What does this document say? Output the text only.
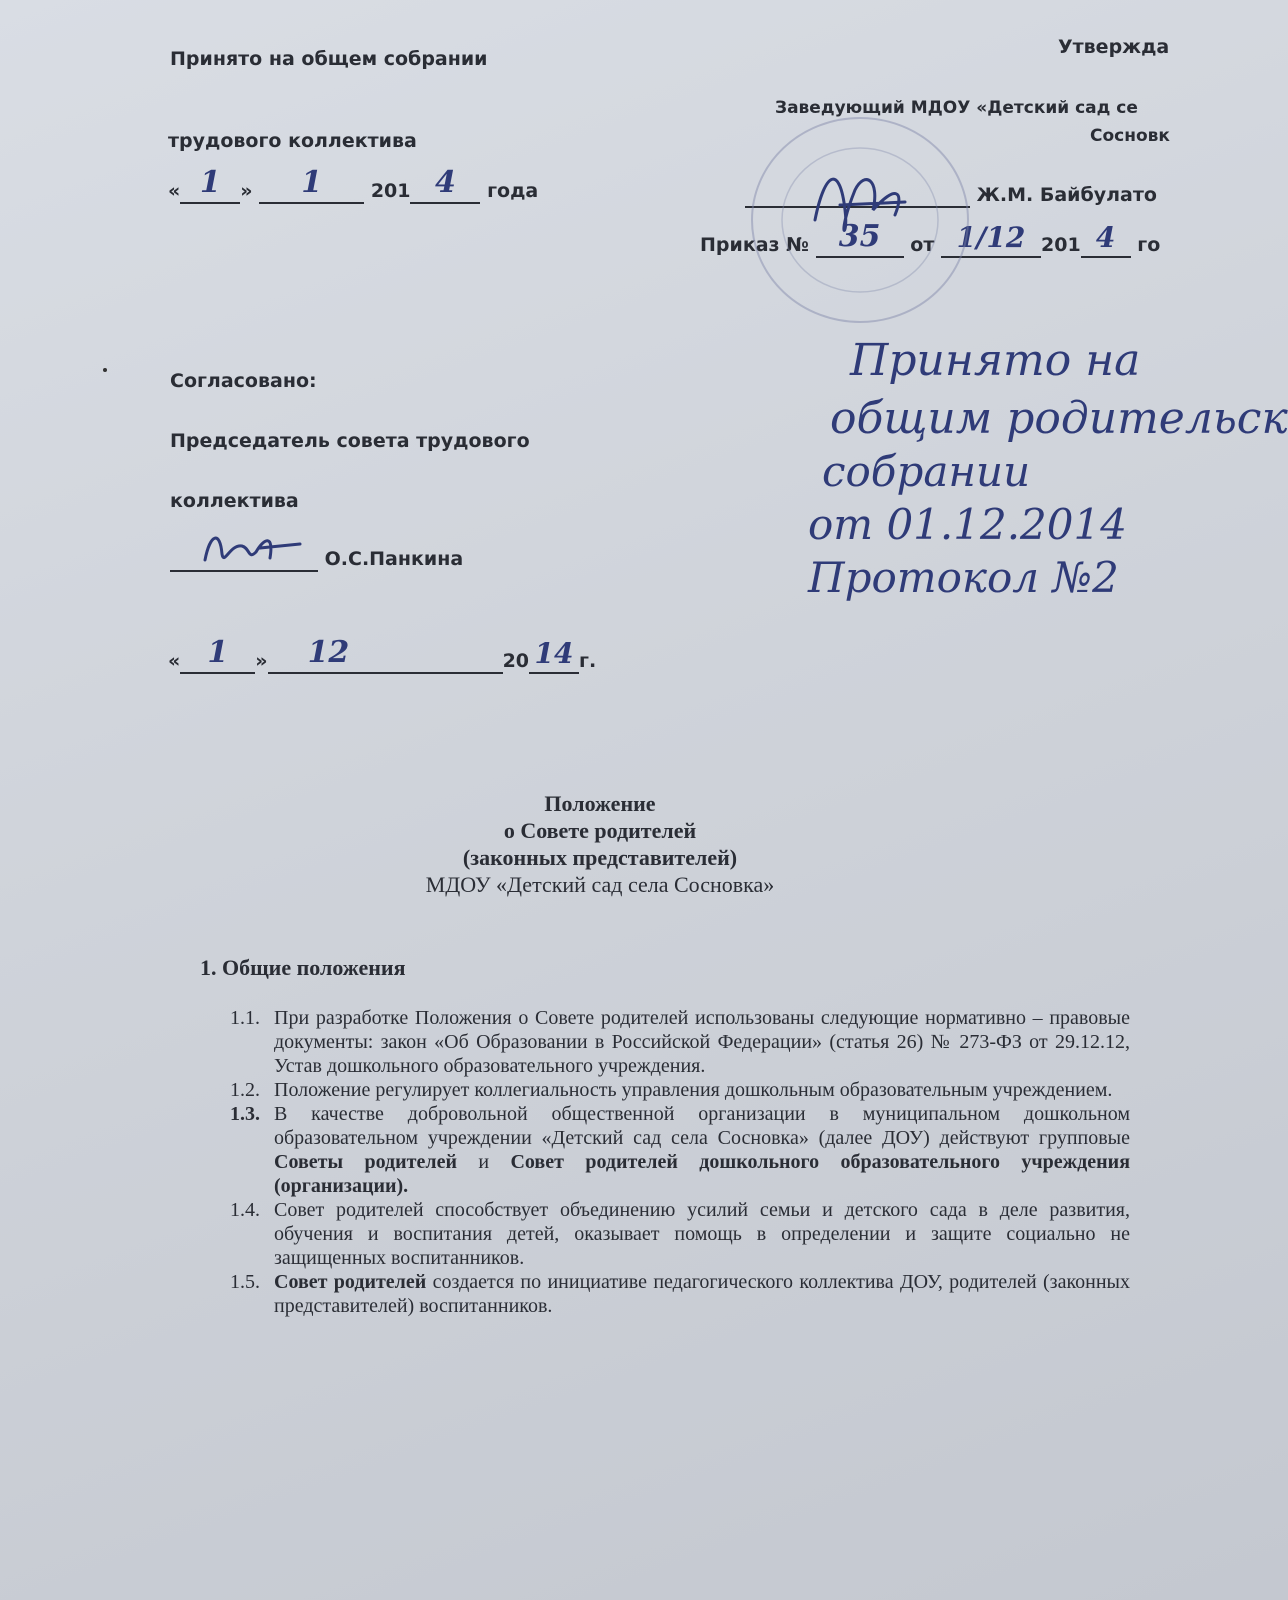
Принято на общем собрании
трудового коллектива
« 1	»	1	201 4	года
Утвержда
Заведующий МДОУ «Детский сад се
Сосновк
Ж.М. Байбулато
Приказ № 35	от 1/12 201 4	го
Согласовано:
Председатель совета трудового
коллектива
О.С.Панкина
« 1	»	12	20 14 г.
Принято на
общим родительск
собрании
от 01.12.2014
Протокол №2
Положение
о Совете родителей
(законных представителей)
МДОУ «Детский сад села Сосновка»
1. Общие положения
1.1. При разработке Положения о Совете родителей использованы следующие нормативно – правовые документы: закон «Об Образовании в Российской Федерации» (статья 26) № 273-ФЗ от 29.12.12, Устав дошкольного образовательного учреждения.
1.2. Положение регулирует коллегиальность управления дошкольным образовательным учреждением.
1.3. В качестве добровольной общественной организации в муниципальном дошкольном образовательном учреждении «Детский сад села Сосновка» (далее ДОУ) действуют групповые Советы родителей и Совет родителей дошкольного образовательного учреждения (организации).
1.4. Совет родителей способствует объединению усилий семьи и детского сада в деле развития, обучения и воспитания детей, оказывает помощь в определении и защите социально не защищенных воспитанников.
1.5. Совет родителей создается по инициативе педагогического коллектива ДОУ, родителей (законных представителей) воспитанников.
